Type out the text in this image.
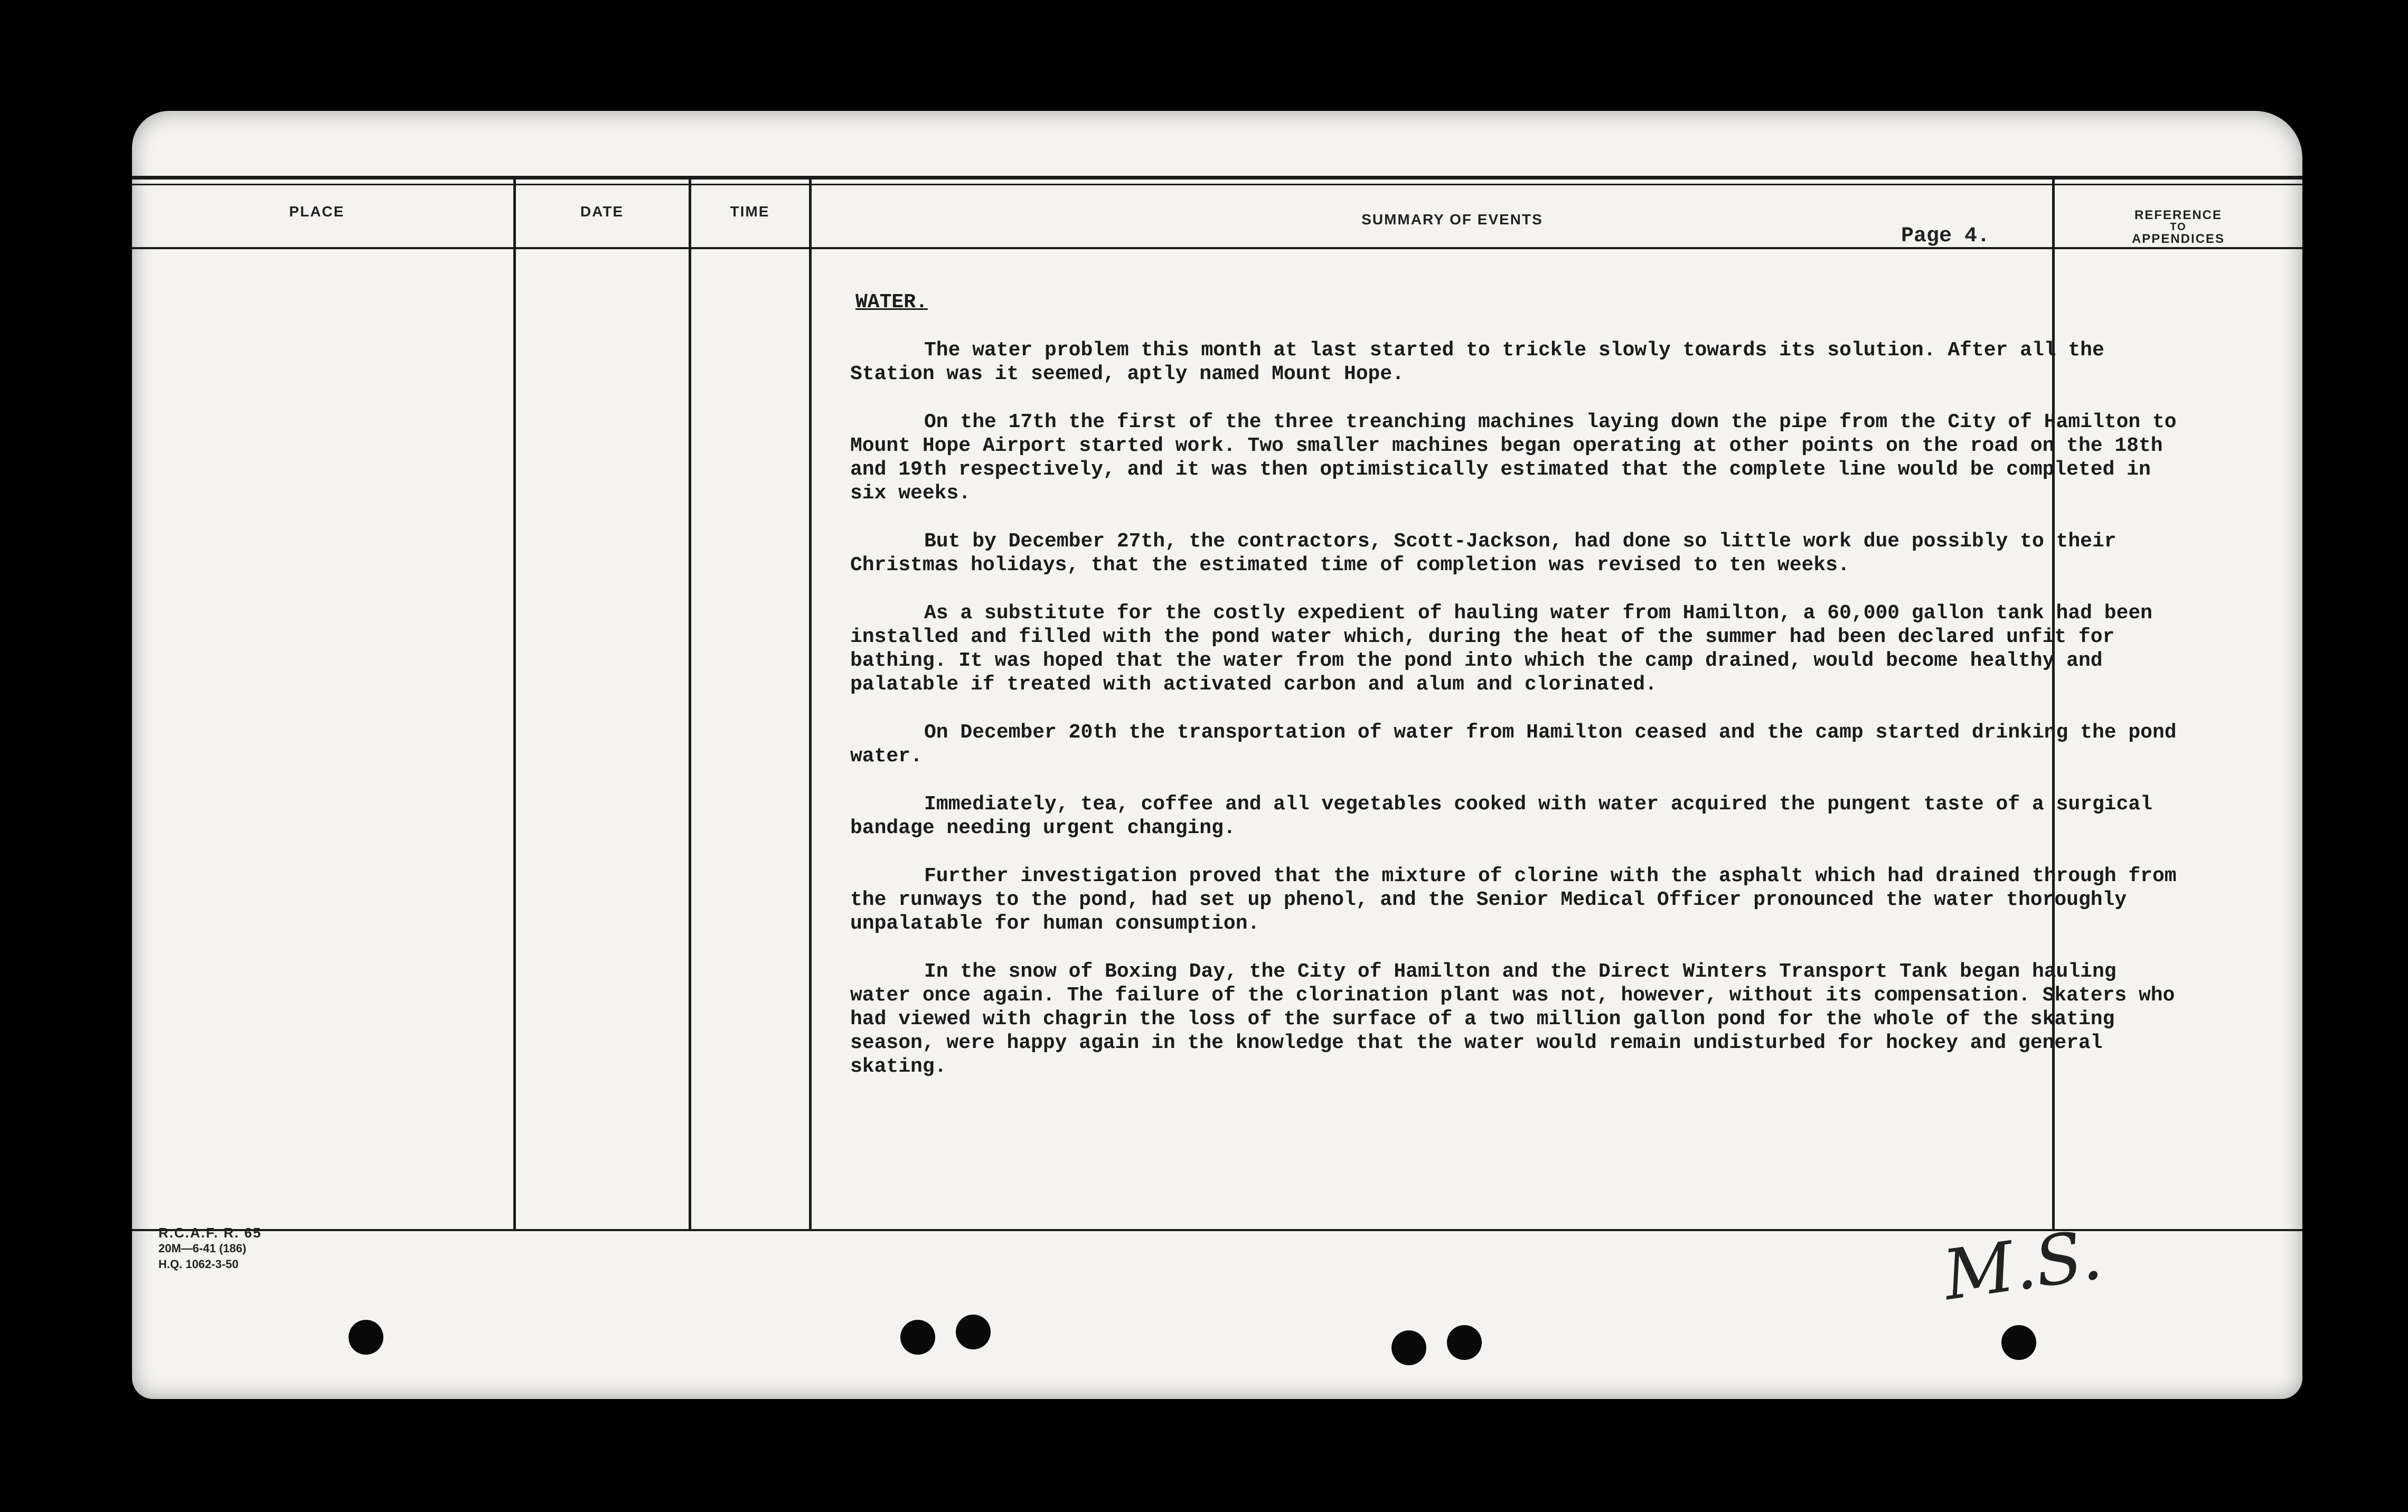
PLACE	DATE	TIME	SUMMARY OF EVENTS
Page 4.
REFERENCE
TO
APPENDICES
WATER.
The water problem this month at last started to trickle slowly towards its solution. After all the Station was it seemed, aptly named Mount Hope.
On the 17th the first of the three treanching machines laying down the pipe from the City of Hamilton to Mount Hope Airport started work. Two smaller machines began operating at other points on the road on the 18th and 19th respectively, and it was then optimistically estimated that the complete line would be completed in six weeks.
But by December 27th, the contractors, Scott-Jackson, had done so little work due possibly to their Christmas holidays, that the estimated time of completion was revised to ten weeks.
As a substitute for the costly expedient of hauling water from Hamilton, a 60,000 gallon tank had been installed and filled with the pond water which, during the heat of the summer had been declared unfit for bathing. It was hoped that the water from the pond into which the camp drained, would become healthy and palatable if treated with activated carbon and alum and clorinated.
On December 20th the transportation of water from Hamilton ceased and the camp started drinking the pond water.
Immediately, tea, coffee and all vegetables cooked with water acquired the pungent taste of a surgical bandage needing urgent changing.
Further investigation proved that the mixture of clorine with the asphalt which had drained through from the runways to the pond, had set up phenol, and the Senior Medical Officer pronounced the water thoroughly unpalatable for human consumption.
In the snow of Boxing Day, the City of Hamilton and the Direct Winters Transport Tank began hauling water once again. The failure of the clorination plant was not, however, without its compensation. Skaters who had viewed with chagrin the loss of the surface of a two million gallon pond for the whole of the skating season, were happy again in the knowledge that the water would remain undisturbed for hockey and general skating.
R.C.A.F. R. 65
20M—6-41 (186)
H.Q. 1062-3-50	M.S.
